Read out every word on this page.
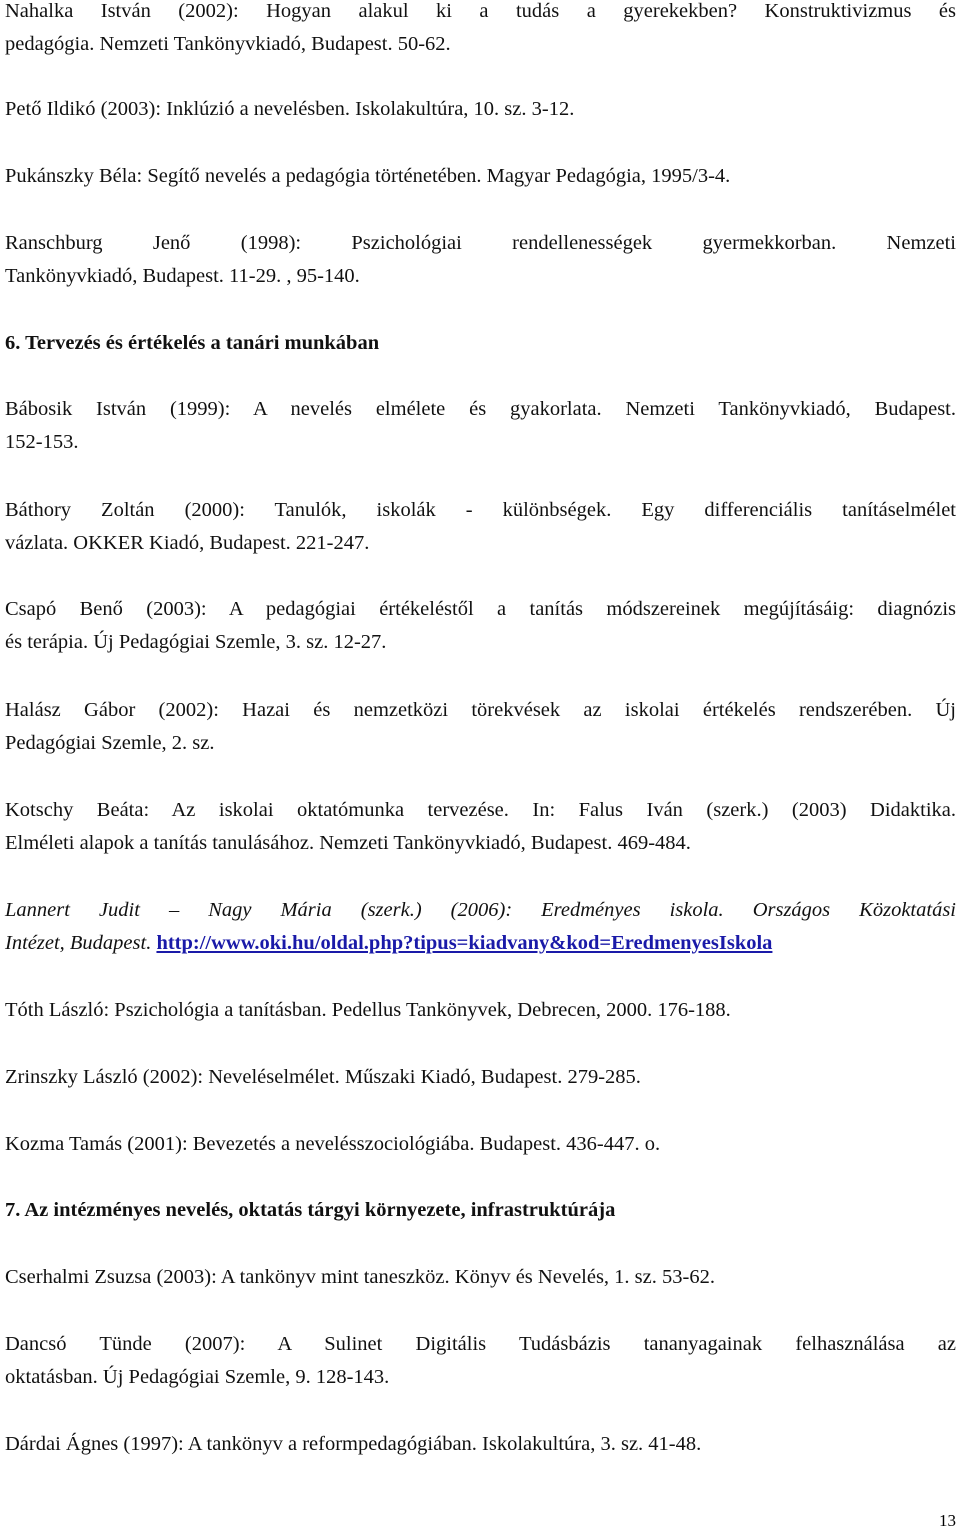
Nahalka István (2002): Hogyan alakul ki a tudás a gyerekekben? Konstruktivizmus és
pedagógia. Nemzeti Tankönyvkiadó, Budapest. 50-62.
Pető Ildikó (2003): Inklúzió a nevelésben. Iskolakultúra, 10. sz. 3-12.
Pukánszky Béla: Segítő nevelés a pedagógia történetében. Magyar Pedagógia, 1995/3-4.
Ranschburg Jenő (1998): Pszichológiai rendellenességek gyermekkorban. Nemzeti
Tankönyvkiadó, Budapest. 11-29. , 95-140.
6. Tervezés és értékelés a tanári munkában
Bábosik István (1999): A nevelés elmélete és gyakorlata. Nemzeti Tankönyvkiadó, Budapest.
152-153.
Báthory Zoltán (2000): Tanulók, iskolák - különbségek. Egy differenciális tanításelmélet
vázlata. OKKER Kiadó, Budapest. 221-247.
Csapó Benő (2003): A pedagógiai értékeléstől a tanítás módszereinek megújításáig: diagnózis
és terápia. Új Pedagógiai Szemle, 3. sz. 12-27.
Halász Gábor (2002): Hazai és nemzetközi törekvések az iskolai értékelés rendszerében. Új
Pedagógiai Szemle, 2. sz.
Kotschy Beáta: Az iskolai oktatómunka tervezése. In: Falus Iván (szerk.) (2003) Didaktika.
Elméleti alapok a tanítás tanulásához. Nemzeti Tankönyvkiadó, Budapest. 469-484.
Lannert Judit – Nagy Mária (szerk.) (2006): Eredményes iskola. Országos Közoktatási
Intézet, Budapest. http://www.oki.hu/oldal.php?tipus=kiadvany&kod=EredmenyesIskola
Tóth László: Pszichológia a tanításban. Pedellus Tankönyvek, Debrecen, 2000. 176-188.
Zrinszky László (2002): Neveléselmélet. Műszaki Kiadó, Budapest. 279-285.
Kozma Tamás (2001): Bevezetés a nevelésszociológiába. Budapest. 436-447. o.
7. Az intézményes nevelés, oktatás tárgyi környezete, infrastruktúrája
Cserhalmi Zsuzsa (2003): A tankönyv mint taneszköz. Könyv és Nevelés, 1. sz. 53-62.
Dancsó Tünde (2007): A Sulinet Digitális Tudásbázis tananyagainak felhasználása az
oktatásban. Új Pedagógiai Szemle, 9. 128-143.
Dárdai Ágnes (1997): A tankönyv a reformpedagógiában. Iskolakultúra, 3. sz. 41-48.
13
